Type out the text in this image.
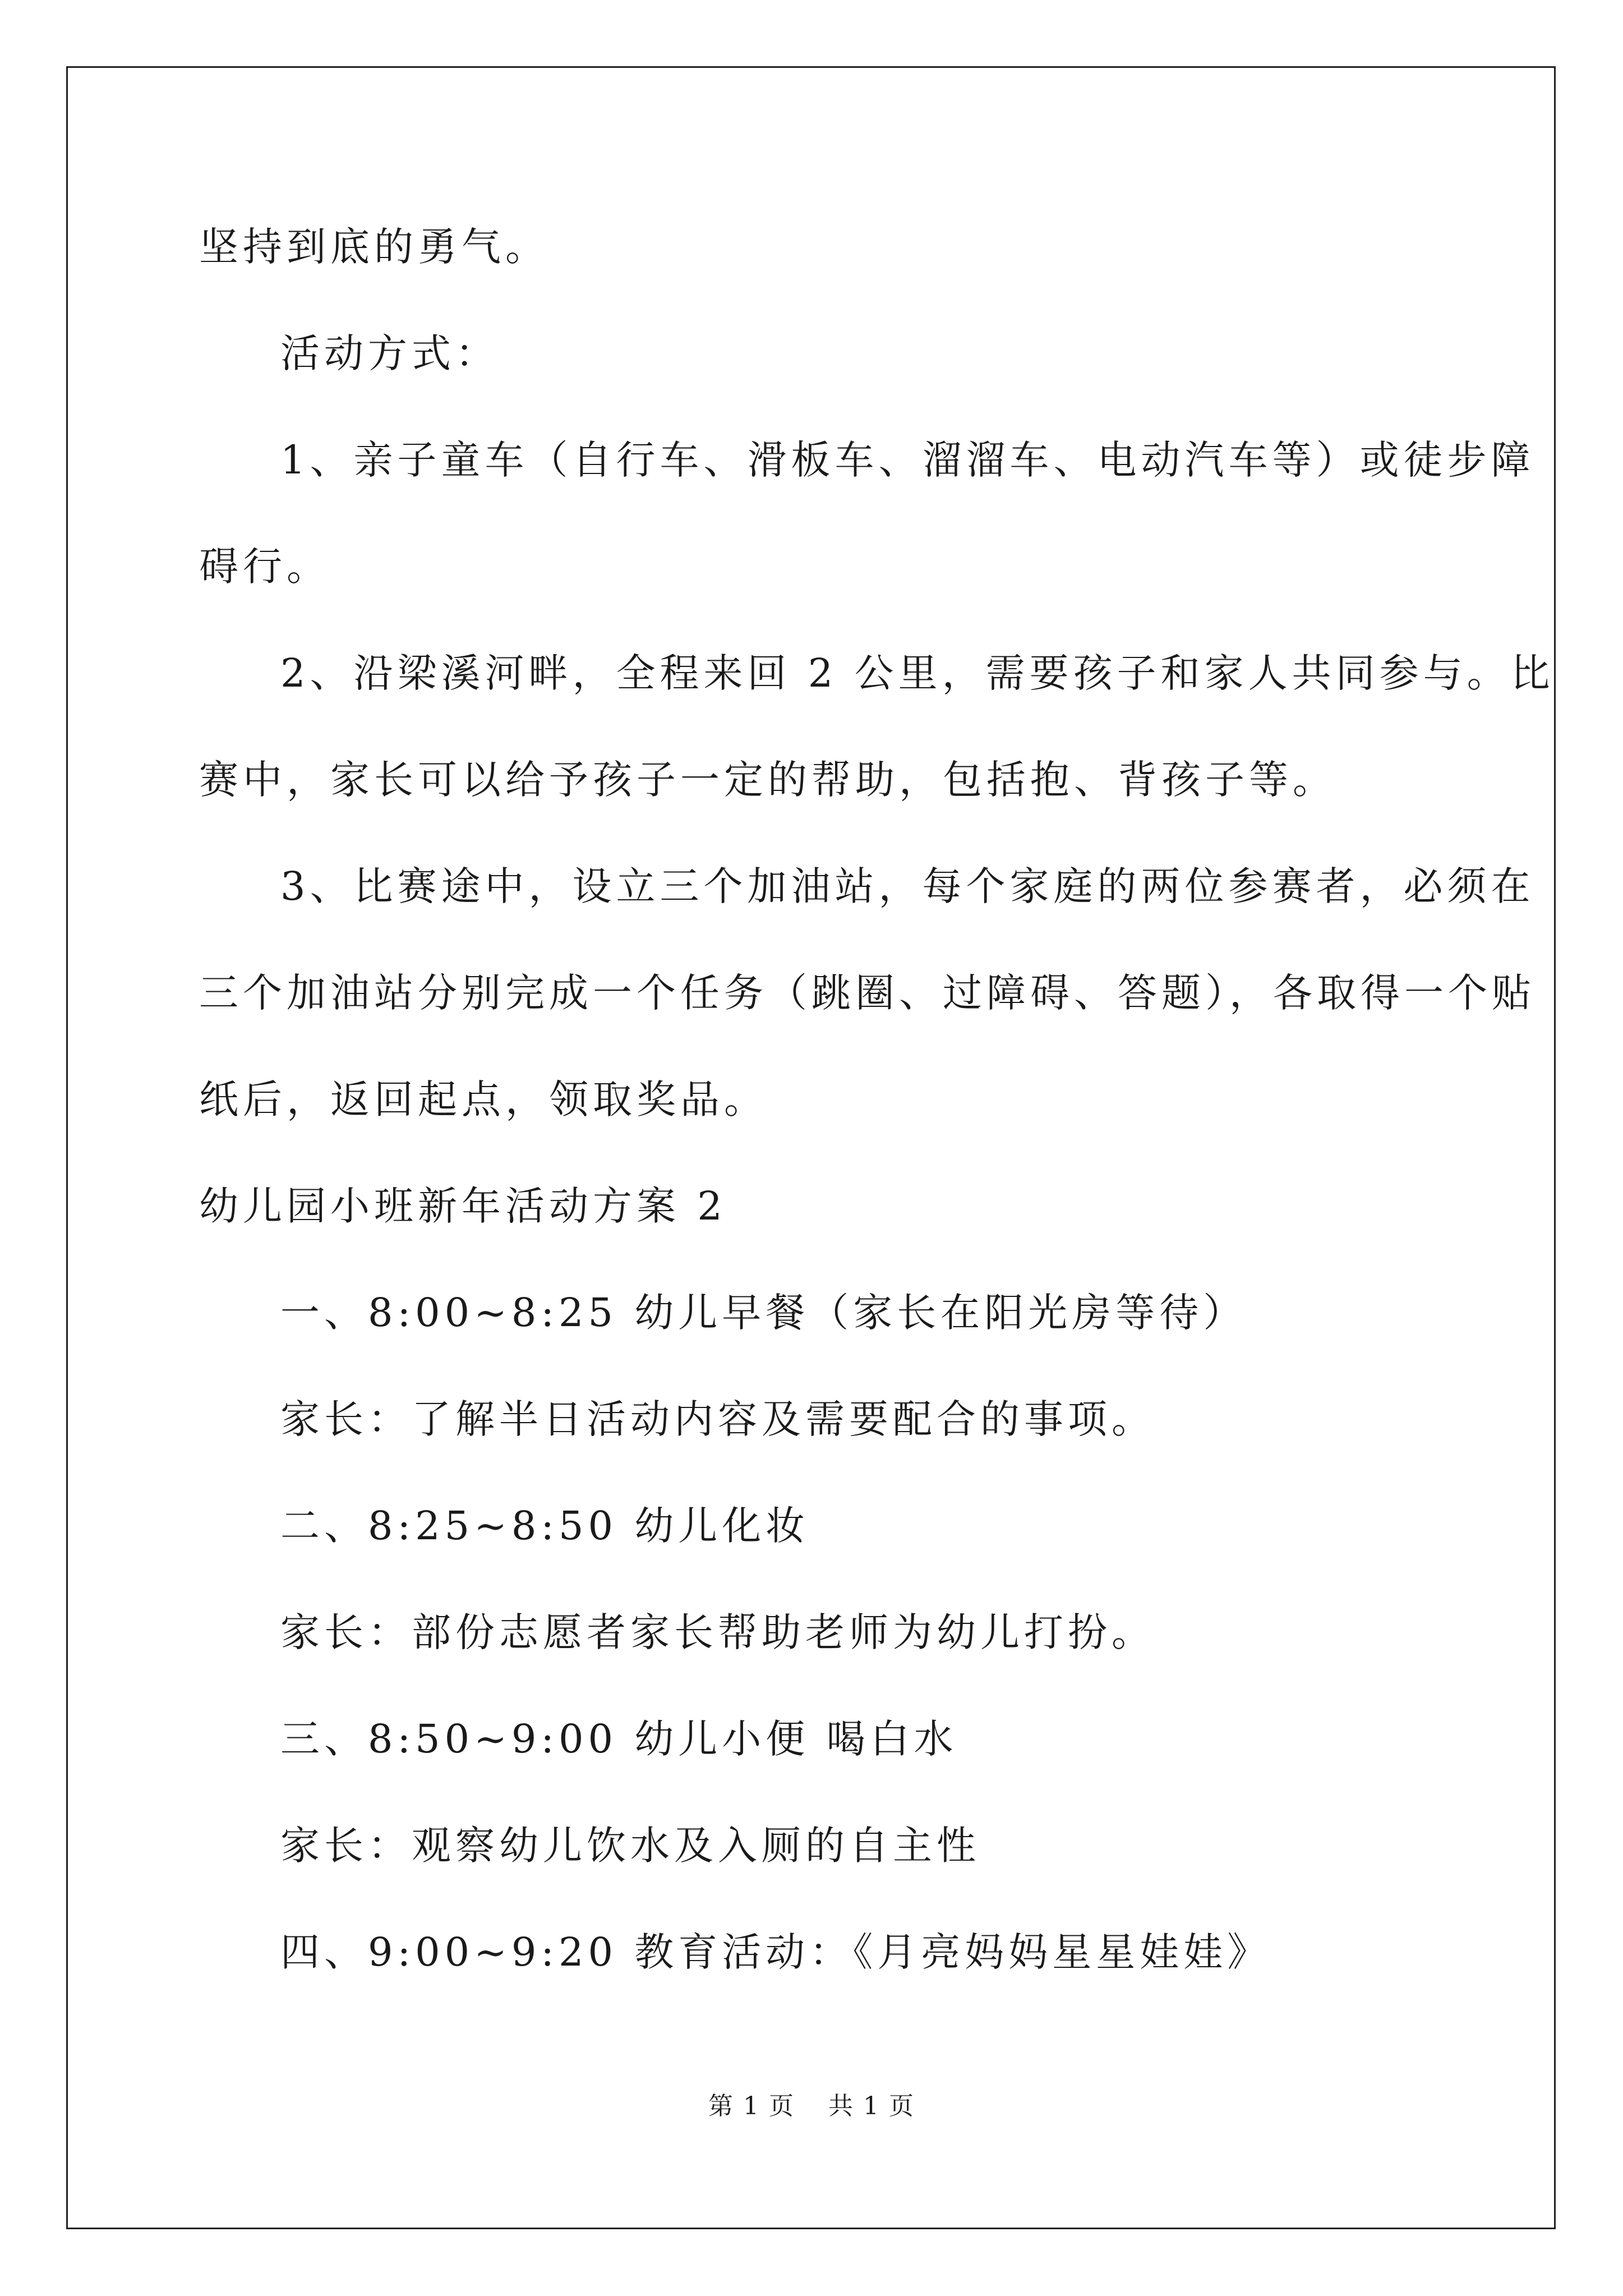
坚持到底的勇气。
活动方式：
1、亲子童车（自行车、滑板车、溜溜车、电动汽车等）或徒步障
碍行。
2、沿梁溪河畔，全程来回 2 公里，需要孩子和家人共同参与。比
赛中，家长可以给予孩子一定的帮助，包括抱、背孩子等。
3、比赛途中，设立三个加油站，每个家庭的两位参赛者，必须在
三个加油站分别完成一个任务（跳圈、过障碍、答题），各取得一个贴
纸后，返回起点，领取奖品。
幼儿园小班新年活动方案 2
一、8:00~8:25 幼儿早餐（家长在阳光房等待）
家长：了解半日活动内容及需要配合的事项。
二、8:25~8:50 幼儿化妆
家长：部份志愿者家长帮助老师为幼儿打扮。
三、8:50~9:00 幼儿小便 喝白水
家长：观察幼儿饮水及入厕的自主性
四、9:00~9:20 教育活动：《月亮妈妈星星娃娃》
第 1 页 共 1 页
